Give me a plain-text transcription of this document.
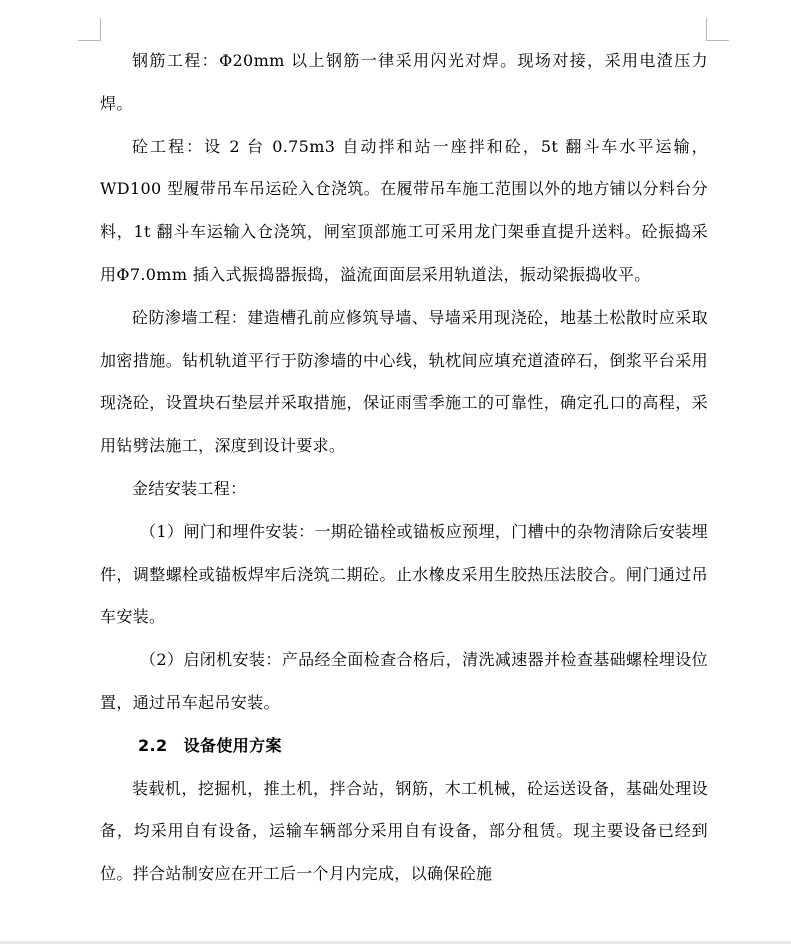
钢筋工程：Φ20mm 以上钢筋一律采用闪光对焊。现场对接，采用电渣压力焊。

砼工程：设 2 台 0.75m3 自动拌和站一座拌和砼，5t 翻斗车水平运输，WD100 型履带吊车吊运砼入仓浇筑。在履带吊车施工范围以外的地方铺以分料台分料，1t 翻斗车运输入仓浇筑，闸室顶部施工可采用龙门架垂直提升送料。砼振捣采用Φ7.0mm 插入式振捣器振捣，溢流面面层采用轨道法，振动梁振捣收平。

砼防渗墙工程：建造槽孔前应修筑导墙、导墙采用现浇砼，地基土松散时应采取加密措施。钻机轨道平行于防渗墙的中心线，轨枕间应填充道渣碎石，倒浆平台采用现浇砼，设置块石垫层并采取措施，保证雨雪季施工的可靠性，确定孔口的高程，采用钻劈法施工，深度到设计要求。

金结安装工程：

（1）闸门和埋件安装：一期砼锚栓或锚板应预埋，门槽中的杂物清除后安装埋件，调整螺栓或锚板焊牢后浇筑二期砼。止水橡皮采用生胶热压法胶合。闸门通过吊车安装。

（2）启闭机安装：产品经全面检查合格后，清洗减速器并检查基础螺栓埋设位置，通过吊车起吊安装。

2.2 设备使用方案

装载机，挖掘机，推土机，拌合站，钢筋，木工机械，砼运送设备，基础处理设备，均采用自有设备，运输车辆部分采用自有设备，部分租赁。现主要设备已经到位。拌合站制安应在开工后一个月内完成，以确保砼施
